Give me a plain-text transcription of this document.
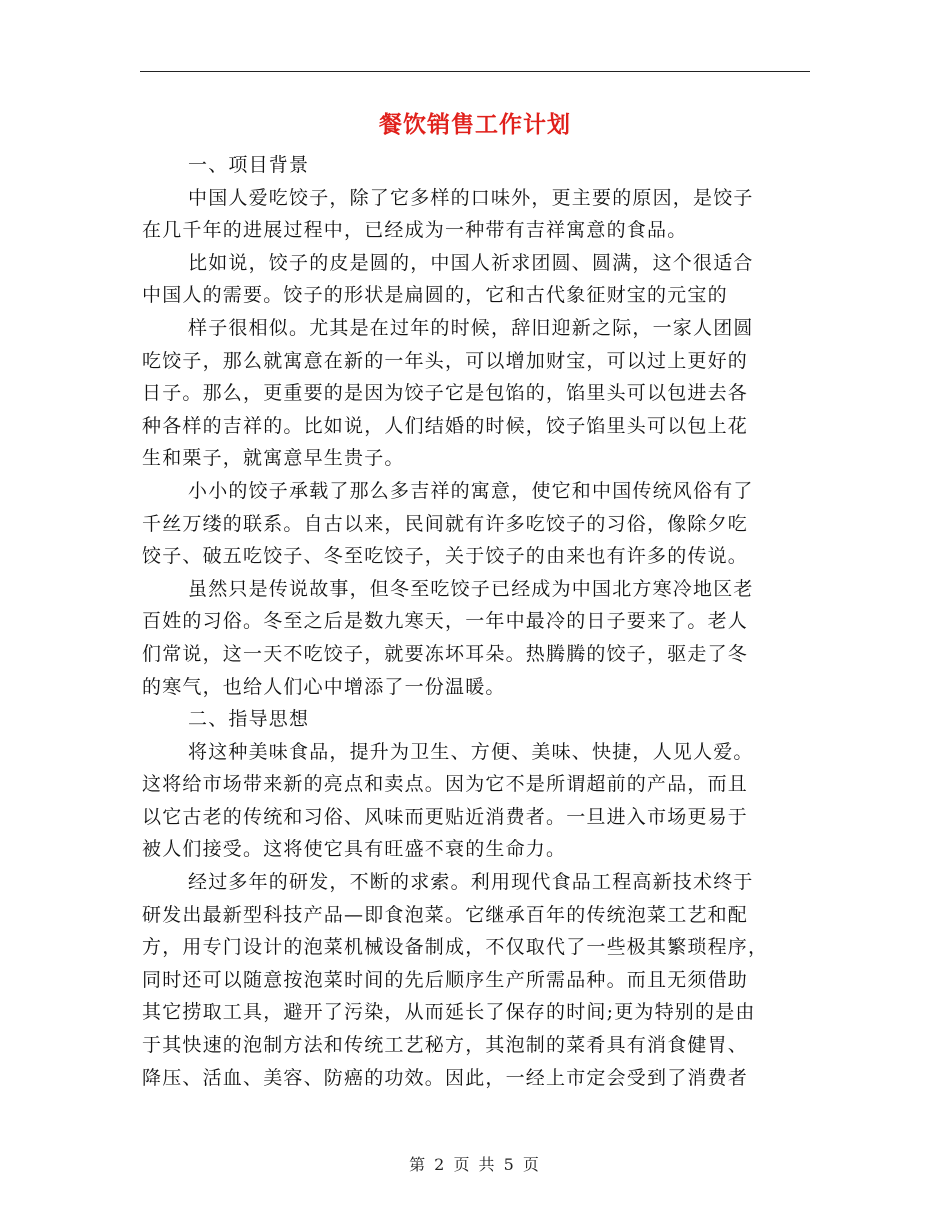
餐饮销售工作计划
一、项目背景
中国人爱吃饺子，除了它多样的口味外，更主要的原因，是饺子
在几千年的进展过程中，已经成为一种带有吉祥寓意的食品。
比如说，饺子的皮是圆的，中国人祈求团圆、圆满，这个很适合
中国人的需要。饺子的形状是扁圆的，它和古代象征财宝的元宝的
样子很相似。尤其是在过年的时候，辞旧迎新之际，一家人团圆
吃饺子，那么就寓意在新的一年头，可以增加财宝，可以过上更好的
日子。那么，更重要的是因为饺子它是包馅的，馅里头可以包进去各
种各样的吉祥的。比如说，人们结婚的时候，饺子馅里头可以包上花
生和栗子，就寓意早生贵子。
小小的饺子承载了那么多吉祥的寓意，使它和中国传统风俗有了
千丝万缕的联系。自古以来，民间就有许多吃饺子的习俗，像除夕吃
饺子、破五吃饺子、冬至吃饺子，关于饺子的由来也有许多的传说。
虽然只是传说故事，但冬至吃饺子已经成为中国北方寒冷地区老
百姓的习俗。冬至之后是数九寒天，一年中最冷的日子要来了。老人
们常说，这一天不吃饺子，就要冻坏耳朵。热腾腾的饺子，驱走了冬
的寒气，也给人们心中增添了一份温暖。
二、指导思想
将这种美味食品，提升为卫生、方便、美味、快捷，人见人爱。
这将给市场带来新的亮点和卖点。因为它不是所谓超前的产品，而且
以它古老的传统和习俗、风味而更贴近消费者。一旦进入市场更易于
被人们接受。这将使它具有旺盛不衰的生命力。
经过多年的研发，不断的求索。利用现代食品工程高新技术终于
研发出最新型科技产品—即食泡菜。它继承百年的传统泡菜工艺和配
方，用专门设计的泡菜机械设备制成，不仅取代了一些极其繁琐程序，
同时还可以随意按泡菜时间的先后顺序生产所需品种。而且无须借助
其它捞取工具，避开了污染，从而延长了保存的时间;更为特别的是由
于其快速的泡制方法和传统工艺秘方，其泡制的菜肴具有消食健胃、
降压、活血、美容、防癌的功效。因此，一经上市定会受到了消费者
第 2 页 共 5 页
